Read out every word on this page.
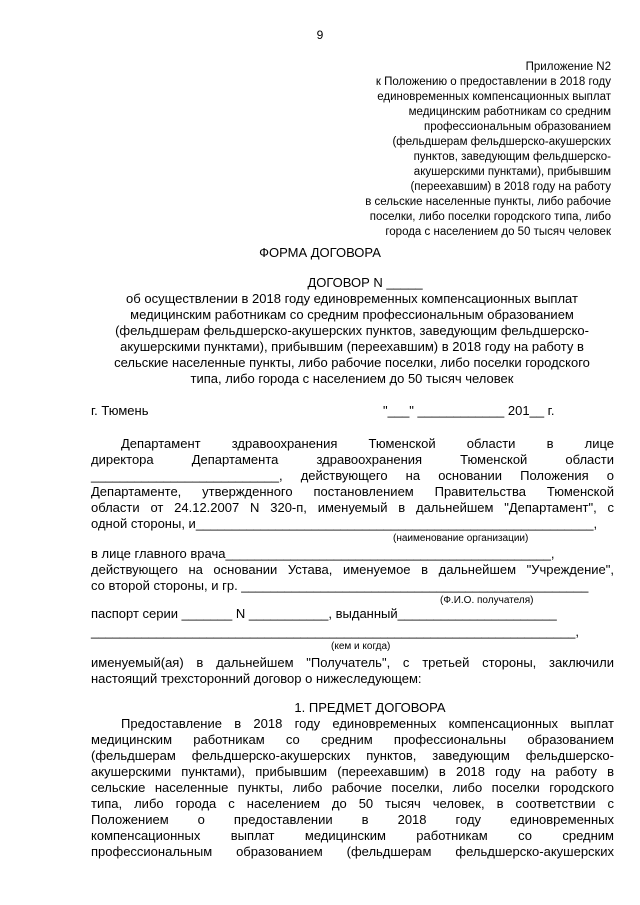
9
Приложение N2
к Положению о предоставлении в 2018 году
единовременных компенсационных выплат
медицинским работникам со средним
профессиональным образованием
(фельдшерам фельдшерско-акушерских
пунктов, заведующим фельдшерско-
акушерскими пунктами), прибывшим
(переехавшим) в 2018 году на работу
в сельские населенные пункты, либо рабочие
поселки, либо поселки городского типа, либо
города с населением до 50 тысяч человек
ФОРМА ДОГОВОРА
ДОГОВОР N _____
об осуществлении в 2018 году единовременных компенсационных выплат
медицинским работникам со средним профессиональным образованием
(фельдшерам фельдшерско-акушерских пунктов, заведующим фельдшерско-
акушерскими пунктами), прибывшим (переехавшим) в 2018 году на работу в
сельские населенные пункты, либо рабочие поселки, либо поселки городского
типа, либо города с населением до 50 тысяч человек
г. Тюмень	"___" ____________ 201__ г.
Департамент здравоохранения Тюменской области в лице
директора Департамента здравоохранения Тюменской области
__________________________, действующего на основании Положения о
Департаменте, утвержденного постановлением Правительства Тюменской
области от 24.12.2007 N 320-п, именуемый в дальнейшем "Департамент", с
одной стороны, и_______________________________________________________,
(наименование организации)
в лице главного врача_____________________________________________,
действующего на основании Устава, именуемое в дальнейшем "Учреждение",
со второй стороны, и гр. ________________________________________________
(Ф.И.О. получателя)
паспорт серии _______ N ___________, выданный______________________
___________________________________________________________________,
(кем и когда)
именуемый(ая) в дальнейшем "Получатель", с третьей стороны, заключили
настоящий трехсторонний договор о нижеследующем:
1. ПРЕДМЕТ ДОГОВОРА
Предоставление в 2018 году единовременных компенсационных выплат
медицинским работникам со средним профессиональны образованием
(фельдшерам фельдшерско-акушерских пунктов, заведующим фельдшерско-
акушерскими пунктами), прибывшим (переехавшим) в 2018 году на работу в
сельские населенные пункты, либо рабочие поселки, либо поселки городского
типа, либо города с населением до 50 тысяч человек, в соответствии с
Положением о предоставлении в 2018 году единовременных
компенсационных выплат медицинским работникам со средним
профессиональным образованием (фельдшерам фельдшерско-акушерских
